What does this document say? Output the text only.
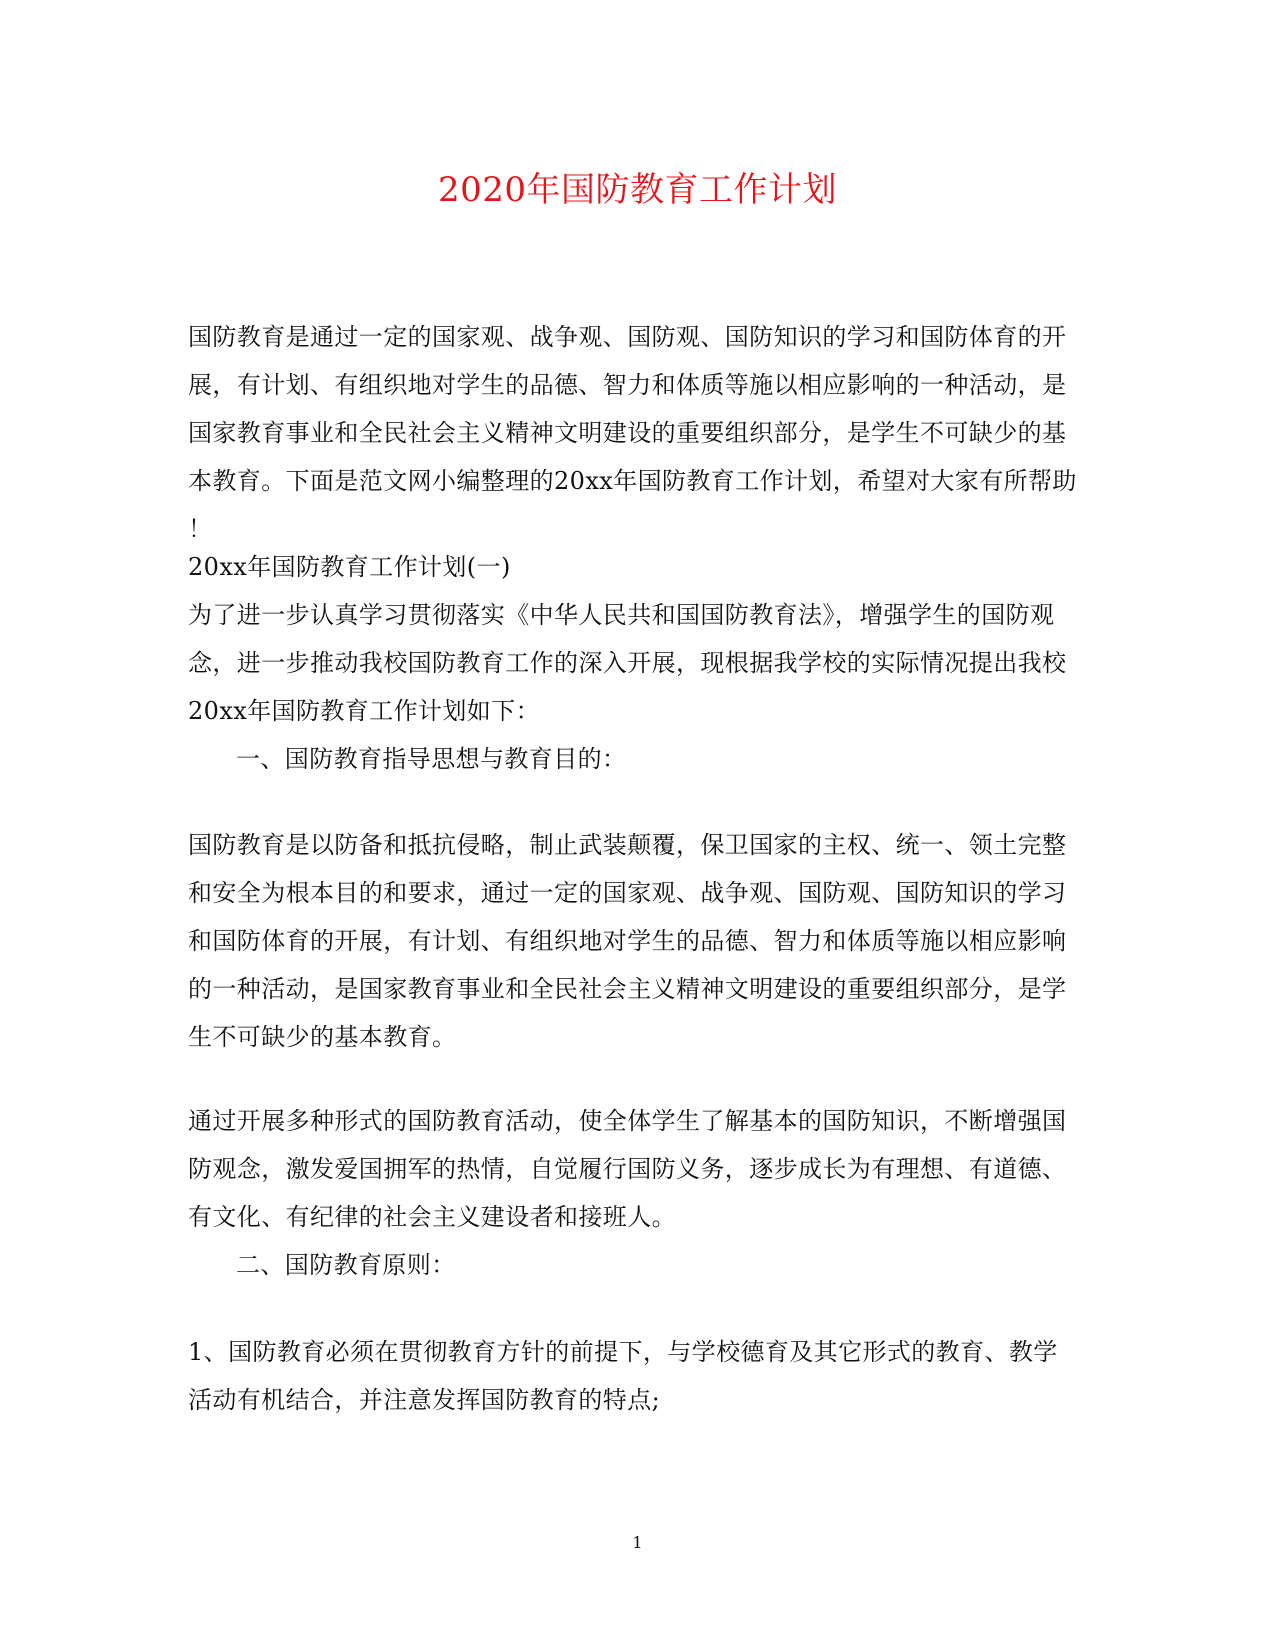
2020年国防教育工作计划
国防教育是通过一定的国家观、战争观、国防观、国防知识的学习和国防体育的开
展，有计划、有组织地对学生的品德、智力和体质等施以相应影响的一种活动，是
国家教育事业和全民社会主义精神文明建设的重要组织部分，是学生不可缺少的基
本教育。下面是范文网小编整理的20xx年国防教育工作计划，希望对大家有所帮助
！
20xx年国防教育工作计划(一)
为了进一步认真学习贯彻落实《中华人民共和国国防教育法》，增强学生的国防观
念，进一步推动我校国防教育工作的深入开展，现根据我学校的实际情况提出我校
20xx年国防教育工作计划如下：
一、国防教育指导思想与教育目的：
国防教育是以防备和抵抗侵略，制止武装颠覆，保卫国家的主权、统一、领土完整
和安全为根本目的和要求，通过一定的国家观、战争观、国防观、国防知识的学习
和国防体育的开展，有计划、有组织地对学生的品德、智力和体质等施以相应影响
的一种活动，是国家教育事业和全民社会主义精神文明建设的重要组织部分，是学
生不可缺少的基本教育。
通过开展多种形式的国防教育活动，使全体学生了解基本的国防知识，不断增强国
防观念，激发爱国拥军的热情，自觉履行国防义务，逐步成长为有理想、有道德、
有文化、有纪律的社会主义建设者和接班人。
二、国防教育原则：
1、国防教育必须在贯彻教育方针的前提下，与学校德育及其它形式的教育、教学
活动有机结合，并注意发挥国防教育的特点;
1
